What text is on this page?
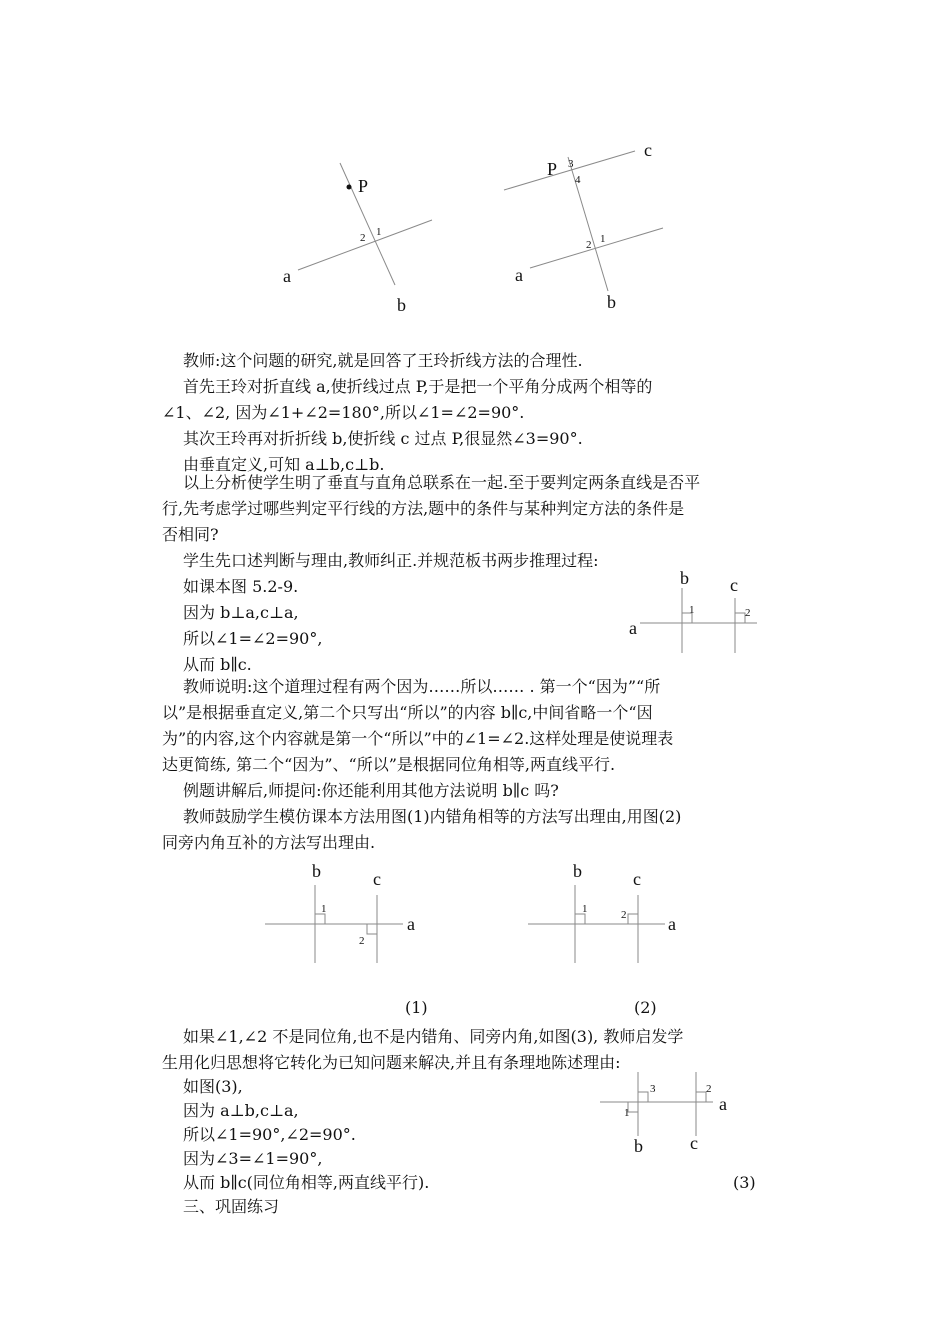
P
1
2
a
b
c
P 3
4
1
2
a
b
b c
a
1	2
b	c
a
1
2
b	c
a
1	2
3
1
2
a
b	c
(1)	(2)
(3)
教师:这个问题的研究,就是回答了王玲折线方法的合理性.
首先王玲对折直线 a,使折线过点 P,于是把一个平角分成两个相等的
∠1、∠2, 因为∠1+∠2=180°,所以∠1=∠2=90°.
其次王玲再对折折线 b,使折线 c 过点 P,很显然∠3=90°.
由垂直定义,可知 a⊥b,c⊥b.
以上分析使学生明了垂直与直角总联系在一起.至于要判定两条直线是否平
行,先考虑学过哪些判定平行线的方法,题中的条件与某种判定方法的条件是
否相同?
学生先口述判断与理由,教师纠正.并规范板书两步推理过程:
如课本图 5.2-9.
因为 b⊥a,c⊥a,
所以∠1=∠2=90°,
从而 b∥c.
教师说明:这个道理过程有两个因为……所以…… . 第一个“因为”“所
以”是根据垂直定义,第二个只写出“所以”的内容 b∥c,中间省略一个“因
为”的内容,这个内容就是第一个“所以”中的∠1=∠2.这样处理是使说理表
达更简练, 第二个“因为”、“所以”是根据同位角相等,两直线平行.
例题讲解后,师提问:你还能利用其他方法说明 b∥c 吗?
教师鼓励学生模仿课本方法用图(1)内错角相等的方法写出理由,用图(2)
同旁内角互补的方法写出理由.
如果∠1,∠2 不是同位角,也不是内错角、同旁内角,如图(3), 教师启发学
生用化归思想将它转化为已知问题来解决,并且有条理地陈述理由:
如图(3),
因为 a⊥b,c⊥a,
所以∠1=90°,∠2=90°.
因为∠3=∠1=90°,
从而 b∥c(同位角相等,两直线平行).
三、巩固练习
